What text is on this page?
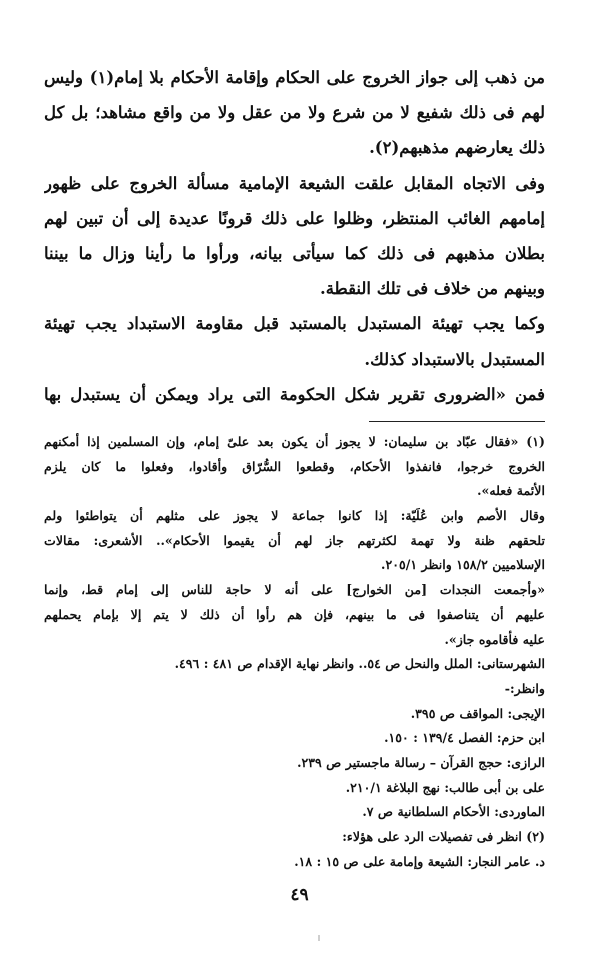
من ذهب إلى جواز الخروج على الحكام وإقامة الأحكام بلا إمام(١) وليس
لهم فى ذلك شفيع لا من شرع ولا من عقل ولا من واقع مشاهد؛ بل كل
ذلك يعارضهم مذهبهم(٢).
وفى الاتجاه المقابل علقت الشيعة الإمامية مسألة الخروج على ظهور
إمامهم الغائب المنتظر، وظلوا على ذلك قرونًا عديدة إلى أن تبين لهم
بطلان مذهبهم فى ذلك كما سيأتى بيانه، ورأوا ما رأينا وزال ما بيننا
وبينهم من خلاف فى تلك النقطة.
وكما يجب تهيئة المستبدل بالمستبد قبل مقاومة الاستبداد يجب تهيئة
المستبدل بالاستبداد كذلك.
فمن «الضرورى تقرير شكل الحكومة التى يراد ويمكن أن يستبدل بها
(١) «فقال عبّاد بن سليمان: لا يجوز أن يكون بعد علىّ إمام، وإن المسلمين إذا أمكنهم
الخروج خرجوا، فانفذوا الأحكام، وقطعوا السُّرّاق وأقادوا، وفعلوا ما كان يلزم
الأئمة فعله».
وقال الأصم وابن عُلَيّة: إذا كانوا جماعة لا يجوز على مثلهم أن يتواطئوا ولم
تلحقهم ظنة ولا تهمة لكثرتهم جاز لهم أن يقيموا الأحكام».. الأشعرى: مقالات
الإسلاميين ١٥٨/٢ وانظر ٢٠٥/١.
«وأجمعت النجدات [من الخوارج] على أنه لا حاجة للناس إلى إمام قط، وإنما
عليهم أن يتناصفوا فى ما بينهم، فإن هم رأوا أن ذلك لا يتم إلا بإمام يحملهم
عليه فأقاموه جاز».
الشهرستانى: الملل والنحل ص ٥٤.. وانظر نهاية الإقدام ص ٤٨١ : ٤٩٦.
وانظر:-
الإيجى: المواقف ص ٣٩٥.
ابن حزم: الفصل ١٣٩/٤ : ١٥٠.
الرازى: حجج القرآن – رسالة ماجستير ص ٢٣٩.
على بن أبى طالب: نهج البلاغة ٢١٠/١.
الماوردى: الأحكام السلطانية ص ٧.
(٢) انظر فى تفصيلات الرد على هؤلاء:
د. عامر النجار: الشيعة وإمامة على ص ١٥ : ١٨.
٤٩
